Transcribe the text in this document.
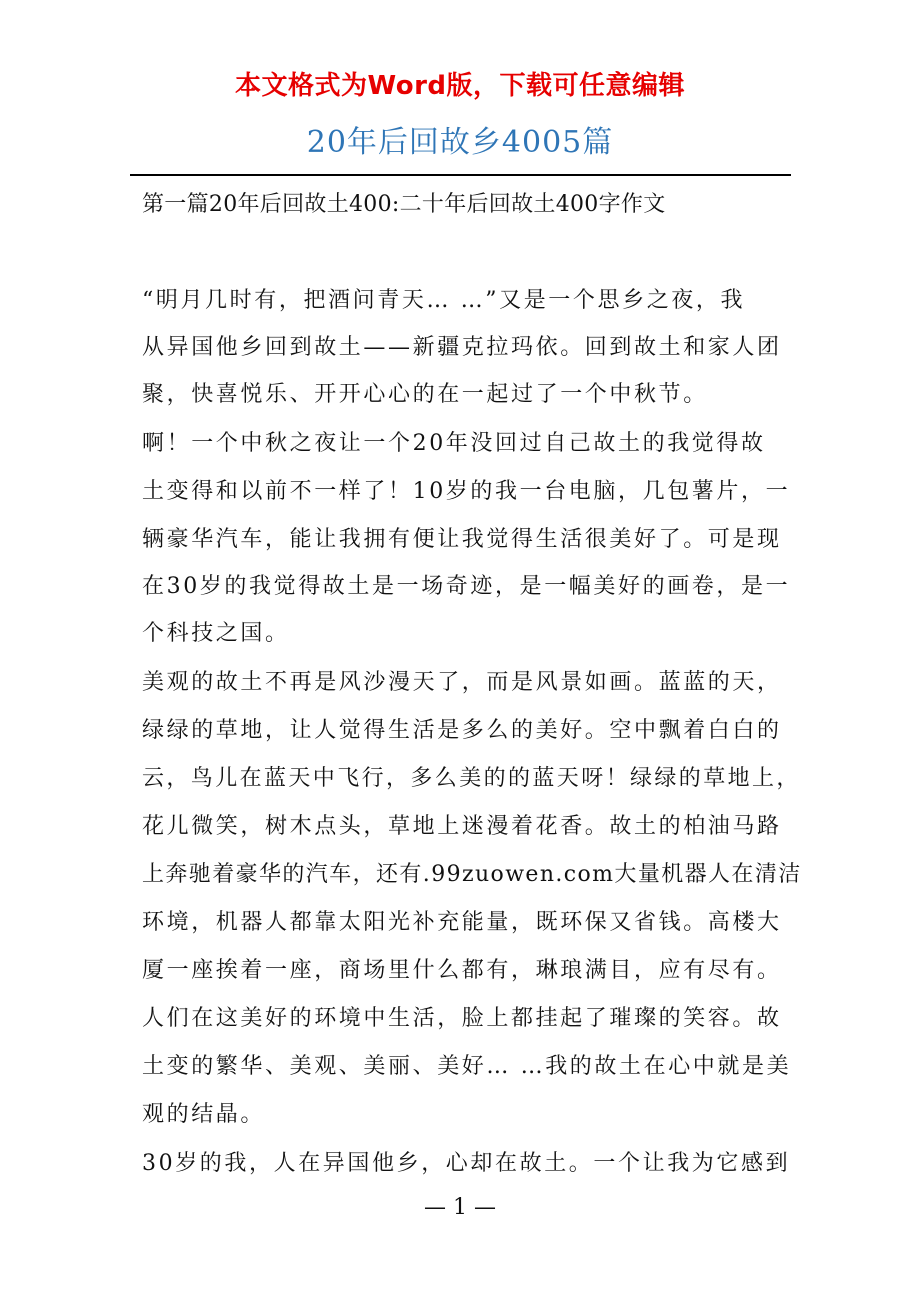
本文格式为Word版，下载可任意编辑
20年后回故乡4005篇
第一篇20年后回故土400:二十年后回故土400字作文
“明月几时有，把酒问青天… …”又是一个思乡之夜，我
从异国他乡回到故土——新疆克拉玛依。回到故土和家人团
聚，快喜悦乐、开开心心的在一起过了一个中秋节。
啊！一个中秋之夜让一个20年没回过自己故土的我觉得故
土变得和以前不一样了！10岁的我一台电脑，几包薯片，一
辆豪华汽车，能让我拥有便让我觉得生活很美好了。可是现
在30岁的我觉得故土是一场奇迹，是一幅美好的画卷，是一
个科技之国。
美观的故土不再是风沙漫天了，而是风景如画。蓝蓝的天，
绿绿的草地，让人觉得生活是多么的美好。空中飘着白白的
云，鸟儿在蓝天中飞行，多么美的的蓝天呀！绿绿的草地上，
花儿微笑，树木点头，草地上迷漫着花香。故土的柏油马路
上奔驰着豪华的汽车，还有.99zuowen.com大量机器人在清洁
环境，机器人都靠太阳光补充能量，既环保又省钱。高楼大
厦一座挨着一座，商场里什么都有，琳琅满目，应有尽有。
人们在这美好的环境中生活，脸上都挂起了璀璨的笑容。故
土变的繁华、美观、美丽、美好… …我的故土在心中就是美
观的结晶。
30岁的我，人在异国他乡，心却在故土。一个让我为它感到
— 1 —
